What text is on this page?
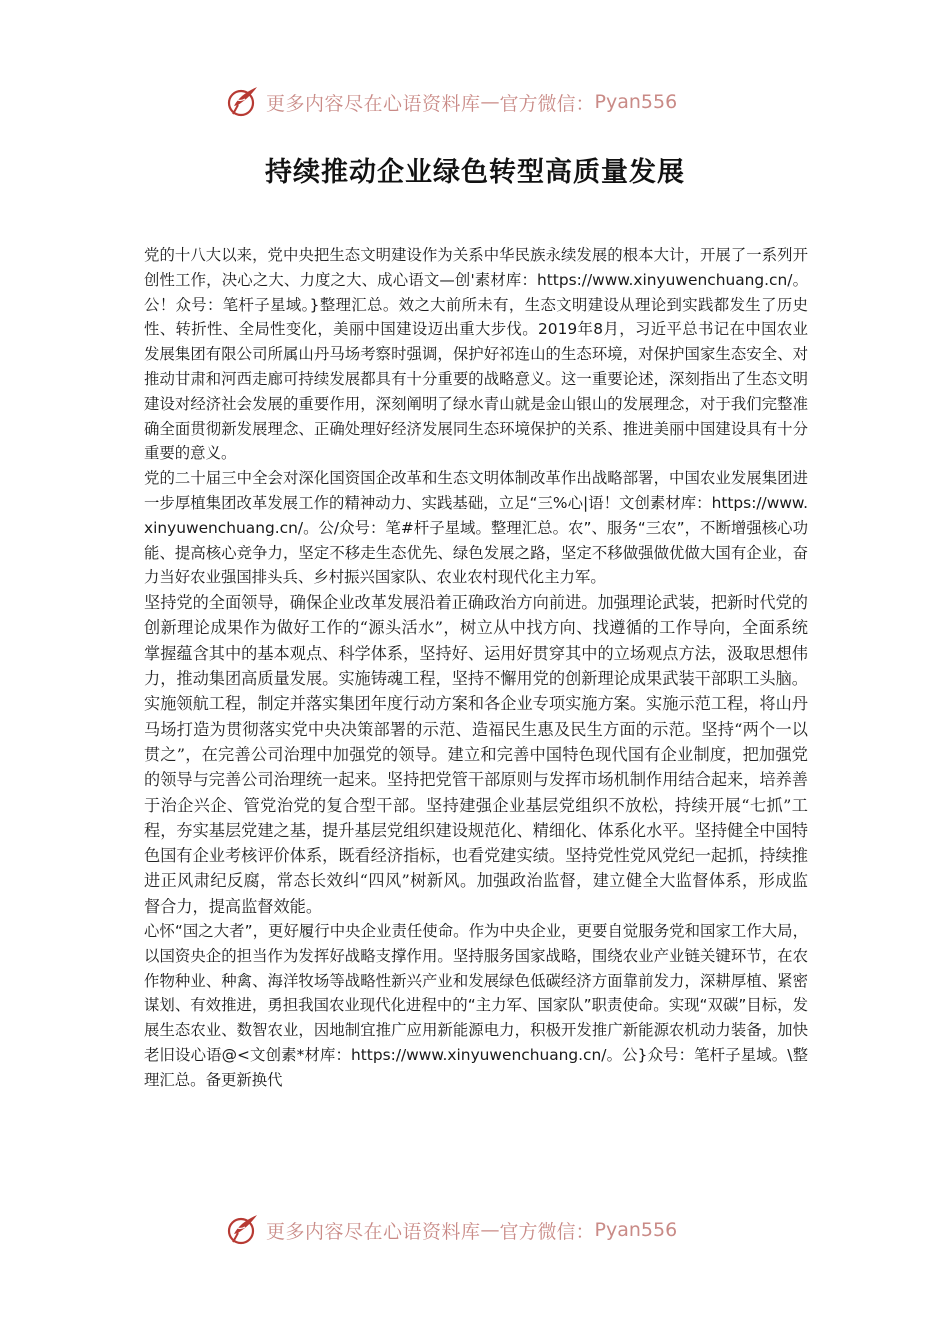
更多内容尽在心语资料库 — 官方微信： Pyan556
持续推动企业绿色转型高质量发展

党的十八大以来，党中央把生态文明建设作为关系中华民族永续发展的根本大计，开展了一系列开创性工作，决心之大、力度之大、成心语文—创'素材库：https://www.xinyuwenchuang.cn/。公！众号：笔杆子星域。}整理汇总。效之大前所未有，生态文明建设从理论到实践都发生了历史性、转折性、全局性变化，美丽中国建设迈出重大步伐。2019年8月，习近平总书记在中国农业发展集团有限公司所属山丹马场考察时强调，保护好祁连山的生态环境，对保护国家生态安全、对推动甘肃和河西走廊可持续发展都具有十分重要的战略意义。这一重要论述，深刻指出了生态文明建设对经济社会发展的重要作用，深刻阐明了绿水青山就是金山银山的发展理念，对于我们完整准确全面贯彻新发展理念、正确处理好经济发展同生态环境保护的关系、推进美丽中国建设具有十分重要的意义。

党的二十届三中全会对深化国资国企改革和生态文明体制改革作出战略部署，中国农业发展集团进一步厚植集团改革发展工作的精神动力、实践基础，立足“三%心|语！文创素材库：https://www.xinyuwenchuang.cn/。公/众号：笔#杆子星域。整理汇总。农”、服务“三农”，不断增强核心功能、提高核心竞争力，坚定不移走生态优先、绿色发展之路，坚定不移做强做优做大国有企业，奋力当好农业强国排头兵、乡村振兴国家队、农业农村现代化主力军。

坚持党的全面领导，确保企业改革发展沿着正确政治方向前进。加强理论武装，把新时代党的创新理论成果作为做好工作的“源头活水”，树立从中找方向、找遵循的工作导向，全面系统掌握蕴含其中的基本观点、科学体系，坚持好、运用好贯穿其中的立场观点方法，汲取思想伟力，推动集团高质量发展。实施铸魂工程，坚持不懈用党的创新理论成果武装干部职工头脑。实施领航工程，制定并落实集团年度行动方案和各企业专项实施方案。实施示范工程，将山丹马场打造为贯彻落实党中央决策部署的示范、造福民生惠及民生方面的示范。坚持“两个一以贯之”，在完善公司治理中加强党的领导。建立和完善中国特色现代国有企业制度，把加强党的领导与完善公司治理统一起来。坚持把党管干部原则与发挥市场机制作用结合起来，培养善于治企兴企、管党治党的复合型干部。坚持建强企业基层党组织不放松，持续开展“七抓”工程，夯实基层党建之基，提升基层党组织建设规范化、精细化、体系化水平。坚持健全中国特色国有企业考核评价体系，既看经济指标，也看党建实绩。坚持党性党风党纪一起抓，持续推进正风肃纪反腐，常态长效纠“四风”树新风。加强政治监督，建立健全大监督体系，形成监督合力，提高监督效能。

心怀“国之大者”，更好履行中央企业责任使命。作为中央企业，更要自觉服务党和国家工作大局，以国资央企的担当作为发挥好战略支撑作用。坚持服务国家战略，围绕农业产业链关键环节，在农作物种业、种禽、海洋牧场等战略性新兴产业和发展绿色低碳经济方面靠前发力，深耕厚植、紧密谋划、有效推进，勇担我国农业现代化进程中的“主力军、国家队”职责使命。实现“双碳”目标，发展生态农业、数智农业，因地制宜推广应用新能源电力，积极开发推广新能源农机动力装备，加快老旧设心语@<文创素*材库：https://www.xinyuwenchuang.cn/。公}众号：笔杆子星域。\整理汇总。备更新换代

更多内容尽在心语资料库 — 官方微信： Pyan556
